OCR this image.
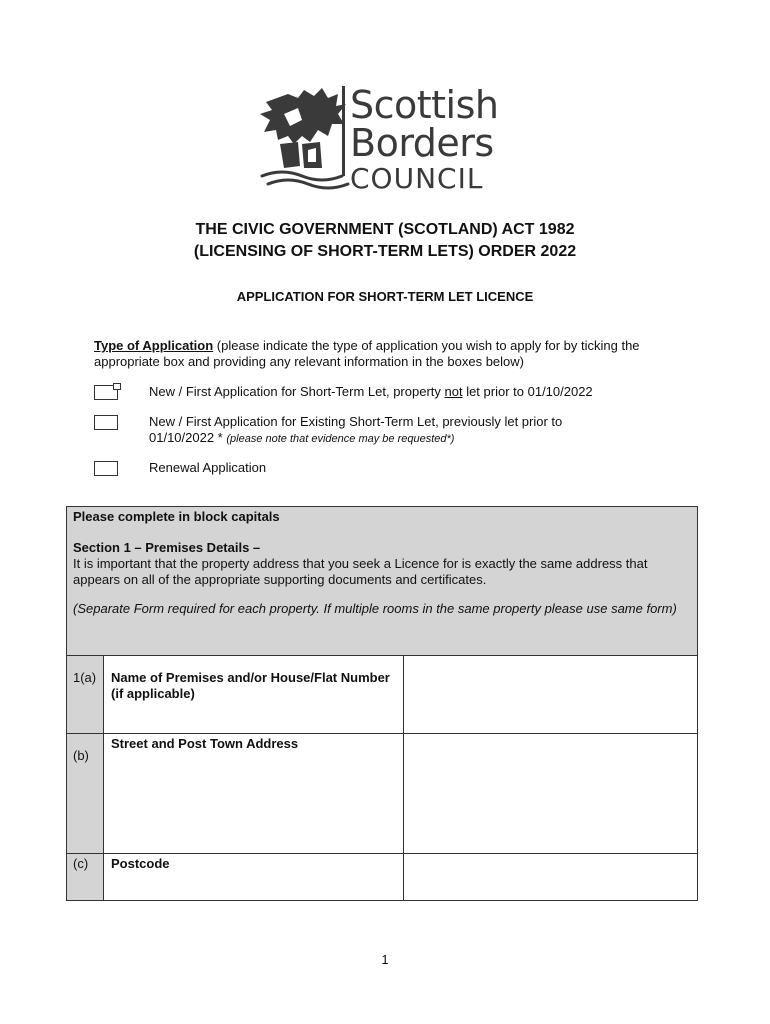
Scottish
Borders
COUNCIL
THE CIVIC GOVERNMENT (SCOTLAND) ACT 1982
(LICENSING OF SHORT-TERM LETS) ORDER 2022
APPLICATION FOR SHORT-TERM LET LICENCE
Type of Application (please indicate the type of application you wish to apply for by ticking the appropriate box and providing any relevant information in the boxes below)
New / First Application for Short-Term Let, property not let prior to 01/10/2022
New / First Application for Existing Short-Term Let, previously let prior to 01/10/2022 * (please note that evidence may be requested*)
Renewal Application
Please complete in block capitals
Section 1 – Premises Details –
It is important that the property address that you seek a Licence for is exactly the same address that appears on all of the appropriate supporting documents and certificates.
(Separate Form required for each property. If multiple rooms in the same property please use same form)
1(a)	Name of Premises and/or House/Flat Number (if applicable)	
(b)	Street and Post Town Address	
(c)	Postcode	
1
